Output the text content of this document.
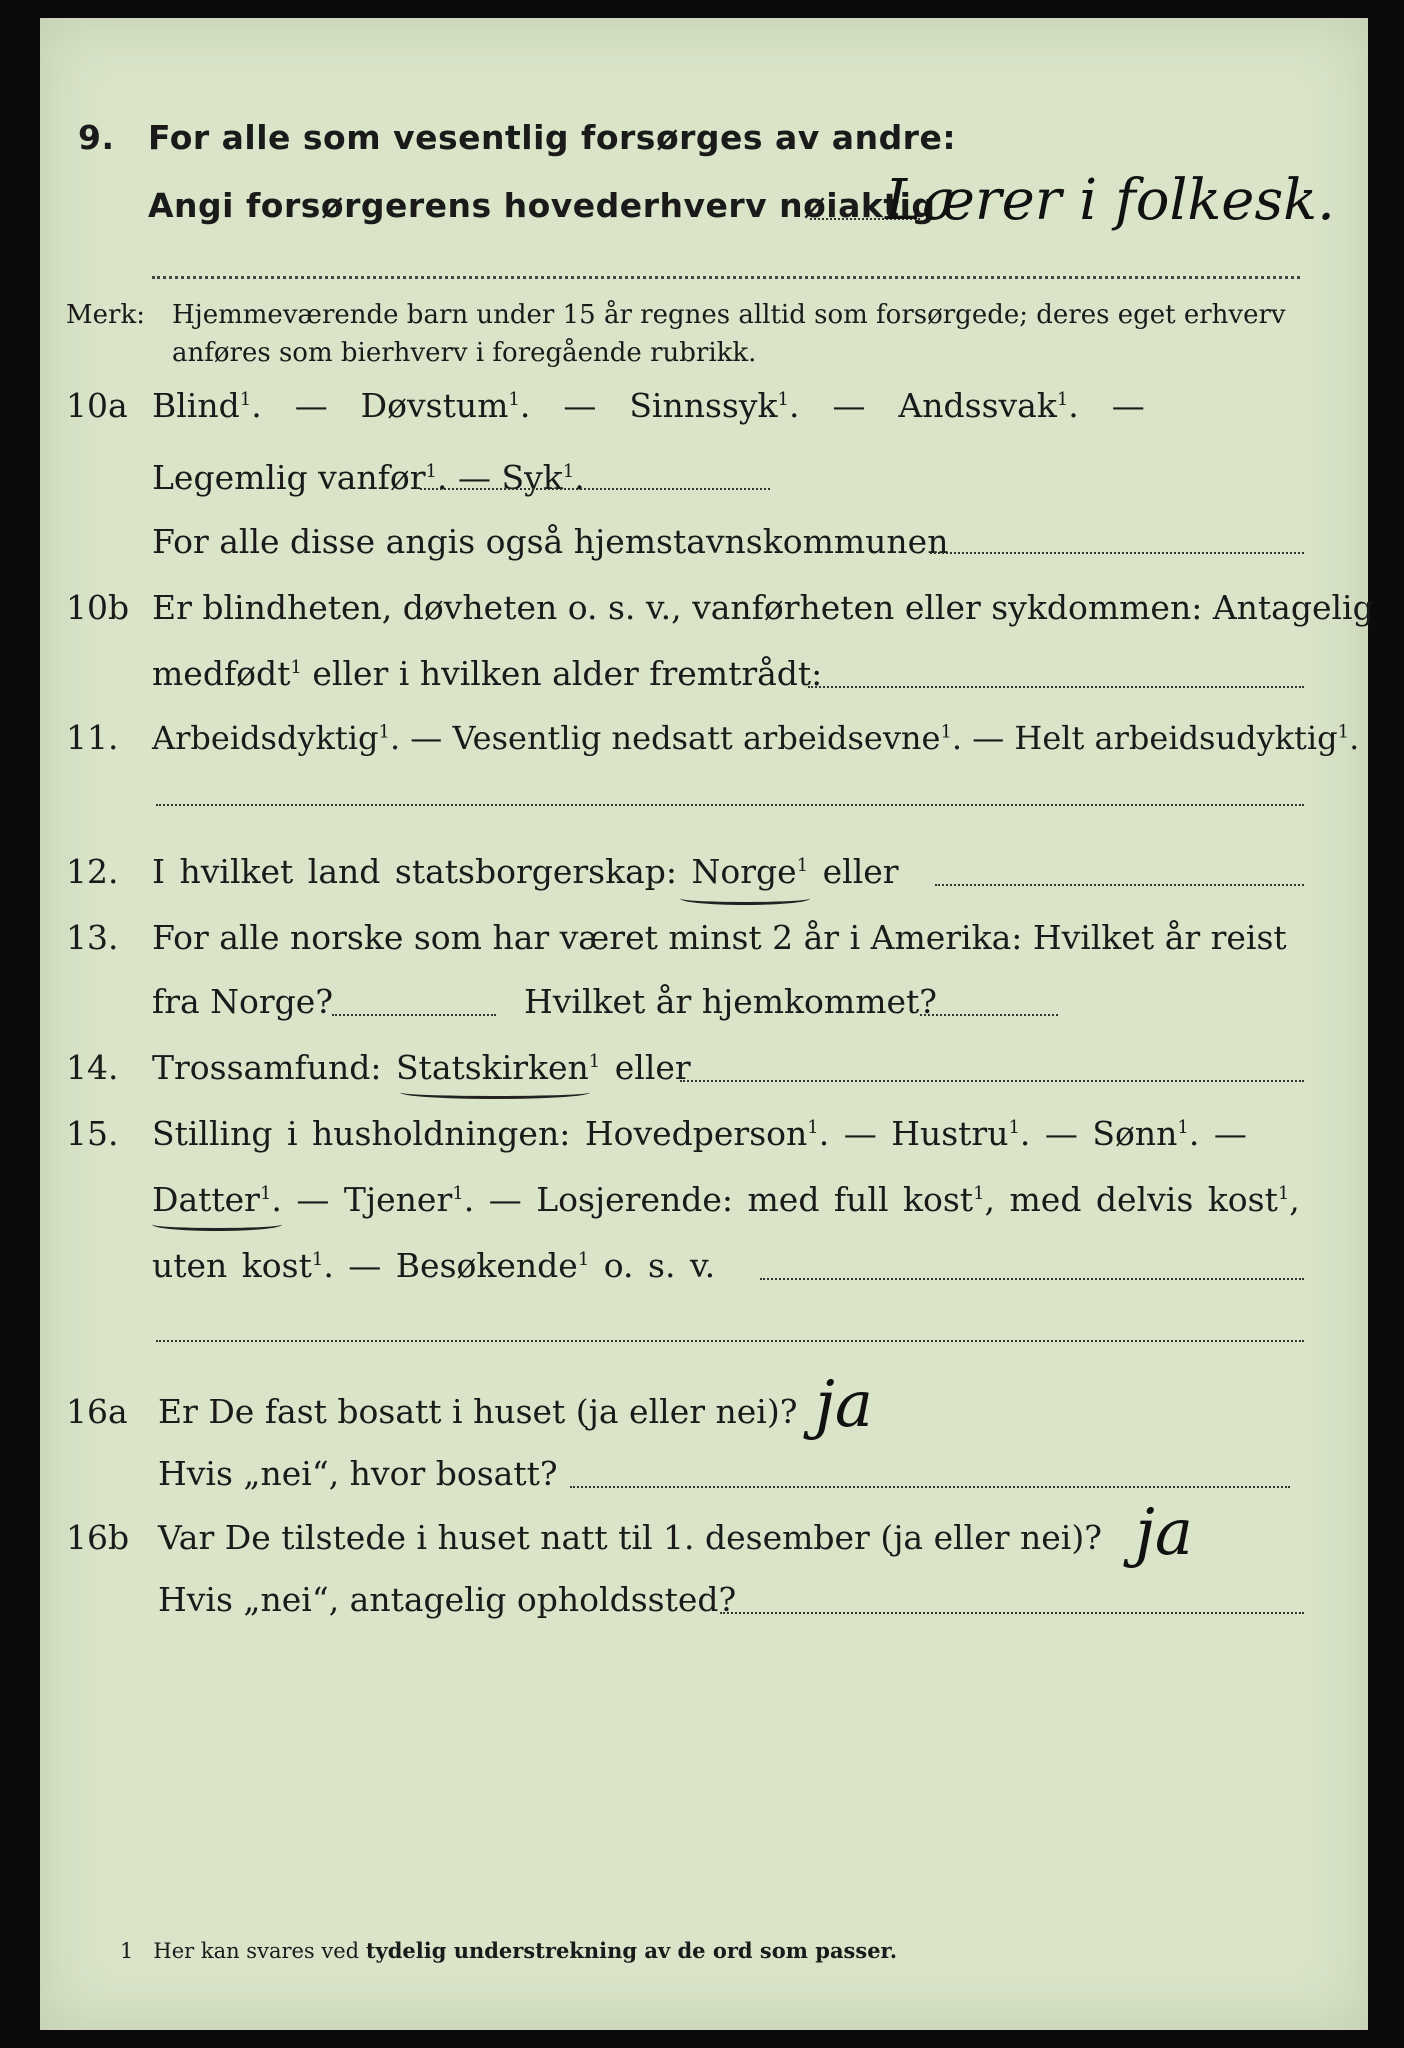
9. For alle som vesentlig forsørges av andre:
Angi forsørgerens hovederhverv nøiaktig
Lærer i folkesk.
Merk: Hjemmeværende barn under 15 år regnes alltid som forsørgede; deres eget erhverv
anføres som bierhverv i foregående rubrikk.
10a Blind$^1$.  — Døvstum$^1$.  — Sinnssyk$^1$.  — Andssvak$^1$.  —
Legemlig vanfør$^1$. — Syk$^1$.
For alle disse angis også hjemstavnskommunen
10b Er blindheten, døvheten o. s. v., vanførheten eller sykdommen: Antagelig
medfødt$^1$ eller i hvilken alder fremtrådt:
11. Arbeidsdyktig$^1$. — Vesentlig nedsatt arbeidsevne$^1$. — Helt arbeidsudyktig$^1$.
12. I hvilket land statsborgerskap: Norge$^1$ eller
13. For alle norske som har været minst 2 år i Amerika: Hvilket år reist
fra Norge?	Hvilket år hjemkommet?
14. Trossamfund: Statskirken$^1$ eller
15. Stilling i husholdningen: Hovedperson$^1$. — Hustru$^1$. — Sønn$^1$. —
Datter$^1$. — Tjener$^1$. — Losjerende: med full kost$^1$, med delvis kost$^1$,
uten kost$^1$. — Besøkende$^1$ o. s. v.
16a Er De fast bosatt i huset (ja eller nei)? ja
Hvis „nei“, hvor bosatt?
16b Var De tilstede i huset natt til 1. desember (ja eller nei)? ja
Hvis „nei“, antagelig opholdssted?
1 Her kan svares ved tydelig understrekning av de ord som passer.
